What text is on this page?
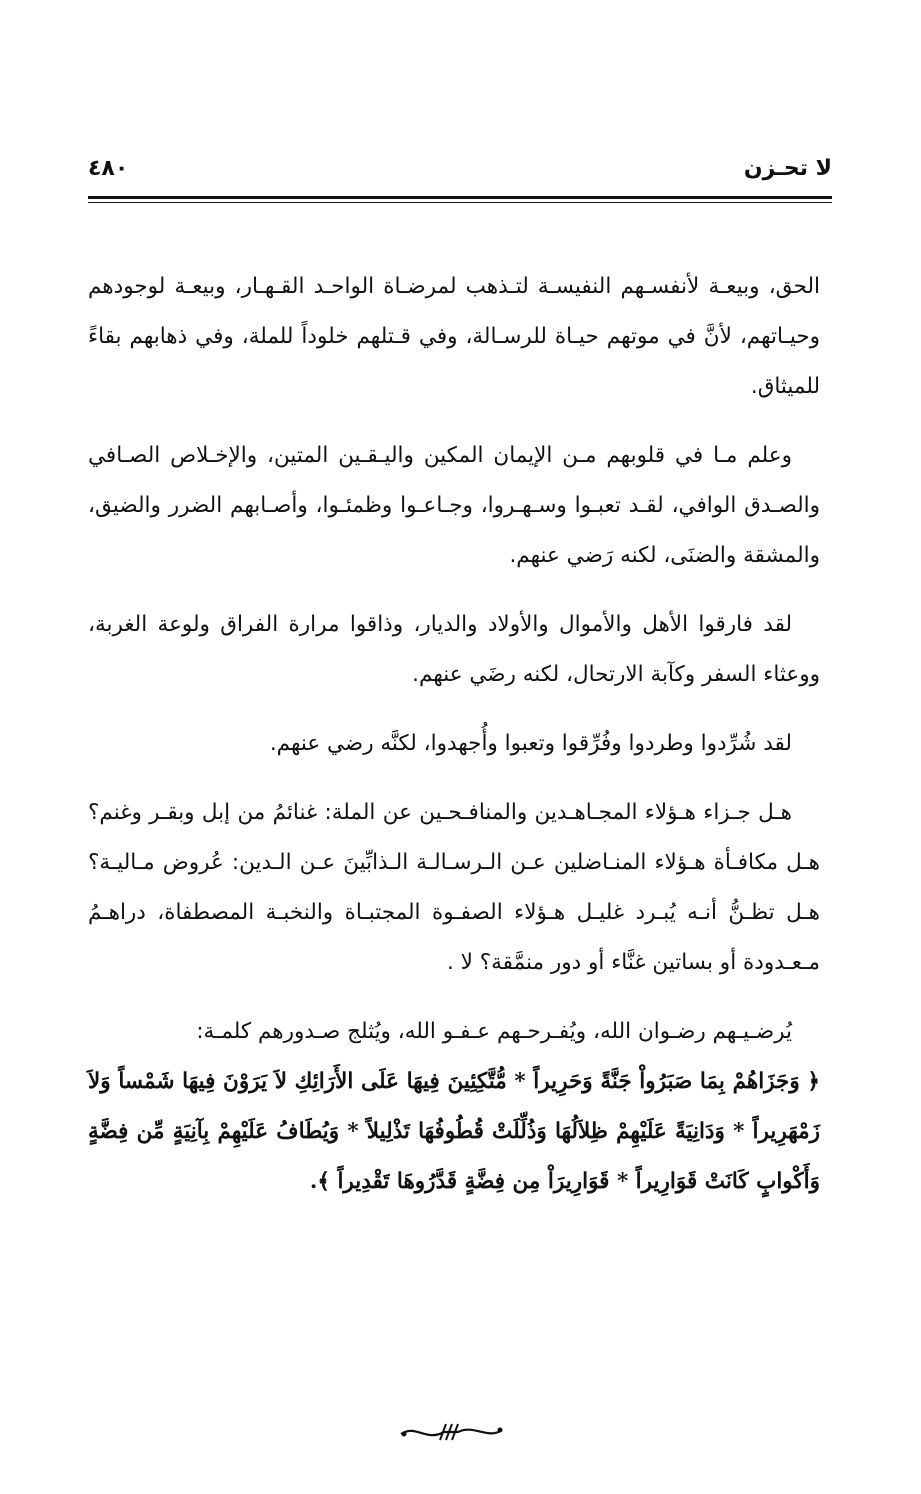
لا تحـزن
٤٨٠

الحق، وبيعـة لأنفسـهم النفيسـة لتـذهب لمرضـاة الواحـد القـهـار، وبيعـة لوجودهم وحيـاتهم، لأنَّ في موتهم حيـاة للرسـالة، وفي قـتلهم خلوداً للملة، وفي ذهابهم بقاءً للميثاق.

وعلم مـا في قلوبهم مـن الإيمان المكين واليـقـين المتين، والإخـلاص الصـافي والصـدق الوافي، لقـد تعبـوا وسـهـروا، وجـاعـوا وظمئـوا، وأصـابهم الضرر والضيق، والمشقة والضنَى، لكنه رَضي عنهم.

لقد فارقوا الأهل والأموال والأولاد والديار، وذاقوا مرارة الفراق ولوعة الغربة، ووعثاء السفر وكآبة الارتحال، لكنه رضَي عنهم.

لقد شُرِّدوا وطردوا وفُرِّقوا وتعبوا وأُجهدوا، لكنَّه رضي عنهم.

هـل جـزاء هـؤلاء المجـاهـدين والمنافـحـين عن الملة: غنائمُ من إبل وبقـر وغنم؟ هـل مكافـأة هـؤلاء المنـاضلين عـن الـرسـالـة الـذابِّينَ عـن الـدين: عُروض مـاليـة؟ هـل تظـنُّ أنـه يُبـرد غليـل هـؤلاء الصفـوة المجتبـاة والنخبـة المصطفاة، دراهـمُ مـعـدودة أو بساتين غنَّاء أو دور منمَّقة؟ لا .

يُرضـيـهم رضـوان الله، ويُفـرحـهم عـفـو الله، ويُثلج صـدورهم كلمـة:

﴿ وَجَزَاهُمْ بِمَا صَبَرُواْ جَنَّةً وَحَرِيراً * مُّتَّكِئِينَ فِيهَا عَلَى الأَرَائِكِ لاَ يَرَوْنَ فِيهَا شَمْساً وَلاَ زَمْهَرِيراً * وَدَانِيَةً عَلَيْهِمْ ظِلاَلُهَا وَذُلِّلَتْ قُطُوفُهَا تَذْلِيلاً * وَيُطَافُ عَلَيْهِمْ بِآنِيَةٍ مِّن فِضَّةٍ وَأَكْوابٍ كَانَتْ قَوَارِيراً * قَوَارِيرَاْ مِن فِضَّةٍ قَدَّرُوهَا تَقْدِيراً ﴾.
